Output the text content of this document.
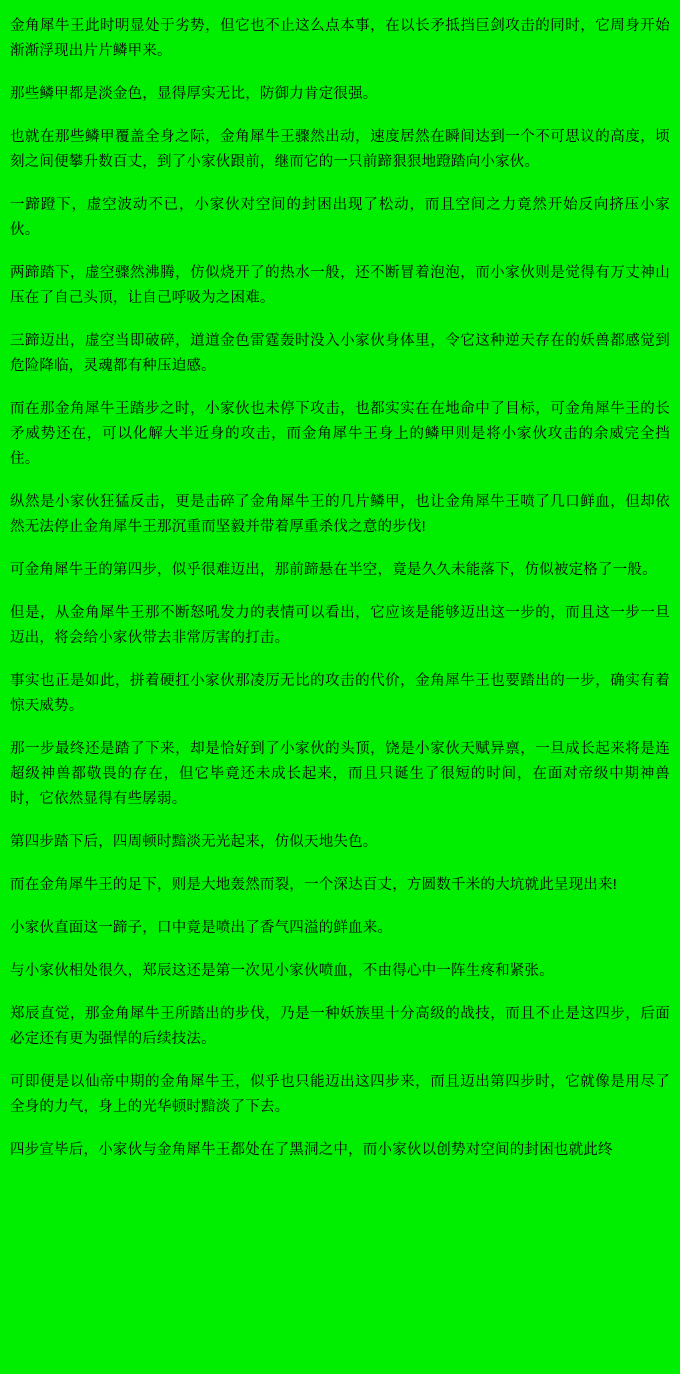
金角犀牛王此时明显处于劣势，但它也不止这么点本事，在以长矛抵挡巨剑攻击的同时，它周身开始渐渐浮现出片片鳞甲来。

那些鳞甲都是淡金色，显得厚实无比，防御力肯定很强。

也就在那些鳞甲覆盖全身之际，金角犀牛王骤然出动，速度居然在瞬间达到一个不可思议的高度，顷刻之间便攀升数百丈，到了小家伙跟前，继而它的一只前蹄狠狠地蹬踏向小家伙。

一蹄蹬下，虚空波动不已，小家伙对空间的封困出现了松动，而且空间之力竟然开始反向挤压小家伙。

两蹄踏下，虚空骤然沸腾，仿似烧开了的热水一般，还不断冒着泡泡，而小家伙则是觉得有万丈神山压在了自己头顶，让自己呼吸为之困难。

三蹄迈出，虚空当即破碎，道道金色雷霆轰时没入小家伙身体里，令它这种逆天存在的妖兽都感觉到危险降临，灵魂都有种压迫感。

而在那金角犀牛王踏步之时，小家伙也未停下攻击，也都实实在在地命中了目标，可金角犀牛王的长矛威势还在，可以化解大半近身的攻击，而金角犀牛王身上的鳞甲则是将小家伙攻击的余威完全挡住。

纵然是小家伙狂猛反击，更是击碎了金角犀牛王的几片鳞甲，也让金角犀牛王喷了几口鲜血，但却依然无法停止金角犀牛王那沉重而坚毅并带着厚重杀伐之意的步伐!

可金角犀牛王的第四步，似乎很难迈出，那前蹄悬在半空，竟是久久未能落下，仿似被定格了一般。

但是，从金角犀牛王那不断怒吼发力的表情可以看出，它应该是能够迈出这一步的，而且这一步一旦迈出，将会给小家伙带去非常厉害的打击。

事实也正是如此，拼着硬扛小家伙那凌厉无比的攻击的代价，金角犀牛王也要踏出的一步，确实有着惊天威势。

那一步最终还是踏了下来，却是恰好到了小家伙的头顶，饶是小家伙天赋异禀，一旦成长起来将是连超级神兽都敬畏的存在，但它毕竟还未成长起来，而且只诞生了很短的时间，在面对帝级中期神兽时，它依然显得有些孱弱。

第四步踏下后，四周顿时黯淡无光起来，仿似天地失色。

而在金角犀牛王的足下，则是大地轰然而裂，一个深达百丈，方圆数千米的大坑就此呈现出来!

小家伙直面这一蹄子，口中竟是喷出了香气四溢的鲜血来。

与小家伙相处很久，郑辰这还是第一次见小家伙喷血，不由得心中一阵生疼和紧张。

郑辰直觉，那金角犀牛王所踏出的步伐，乃是一种妖族里十分高级的战技，而且不止是这四步，后面必定还有更为强悍的后续技法。

可即便是以仙帝中期的金角犀牛王，似乎也只能迈出这四步来，而且迈出第四步时，它就像是用尽了全身的力气，身上的光华顿时黯淡了下去。

四步宣毕后，小家伙与金角犀牛王都处在了黑洞之中，而小家伙以创势对空间的封困也就此终
